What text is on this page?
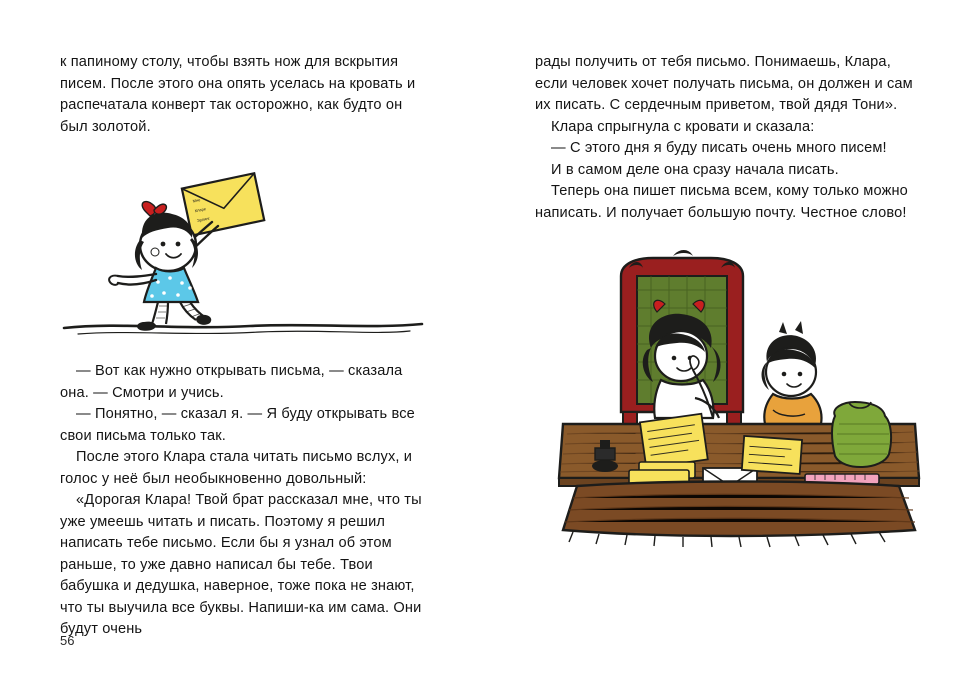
к папиному столу, чтобы взять нож для вскрытия писем. После этого она опять уселась на кровать и распечатала конверт так осторожно, как будто он был золотой.

Мне
Кларе
Эрлинг

— Вот как нужно открывать письма, — сказала она. — Смотри и учись.

— Понятно, — сказал я. — Я буду открывать все свои письма только так.

После этого Клара стала читать письмо вслух, и голос у неё был необыкновенно довольный:

«Дорогая Клара! Твой брат рассказал мне, что ты уже умеешь читать и писать. Поэтому я решил написать тебе письмо. Если бы я узнал об этом раньше, то уже давно написал бы тебе. Твои бабушка и дедушка, наверное, тоже пока не знают, что ты выучила все буквы. Напиши-ка им сама. Они будут очень

56

рады получить от тебя письмо. Понимаешь, Клара, если человек хочет получать письма, он должен и сам их писать. С сердечным приветом, твой дядя Тони».

Клара спрыгнула с кровати и сказала:

— С этого дня я буду писать очень много писем!

И в самом деле она сразу начала писать.

Теперь она пишет письма всем, кому только можно написать. И получает большую почту. Честное слово!
